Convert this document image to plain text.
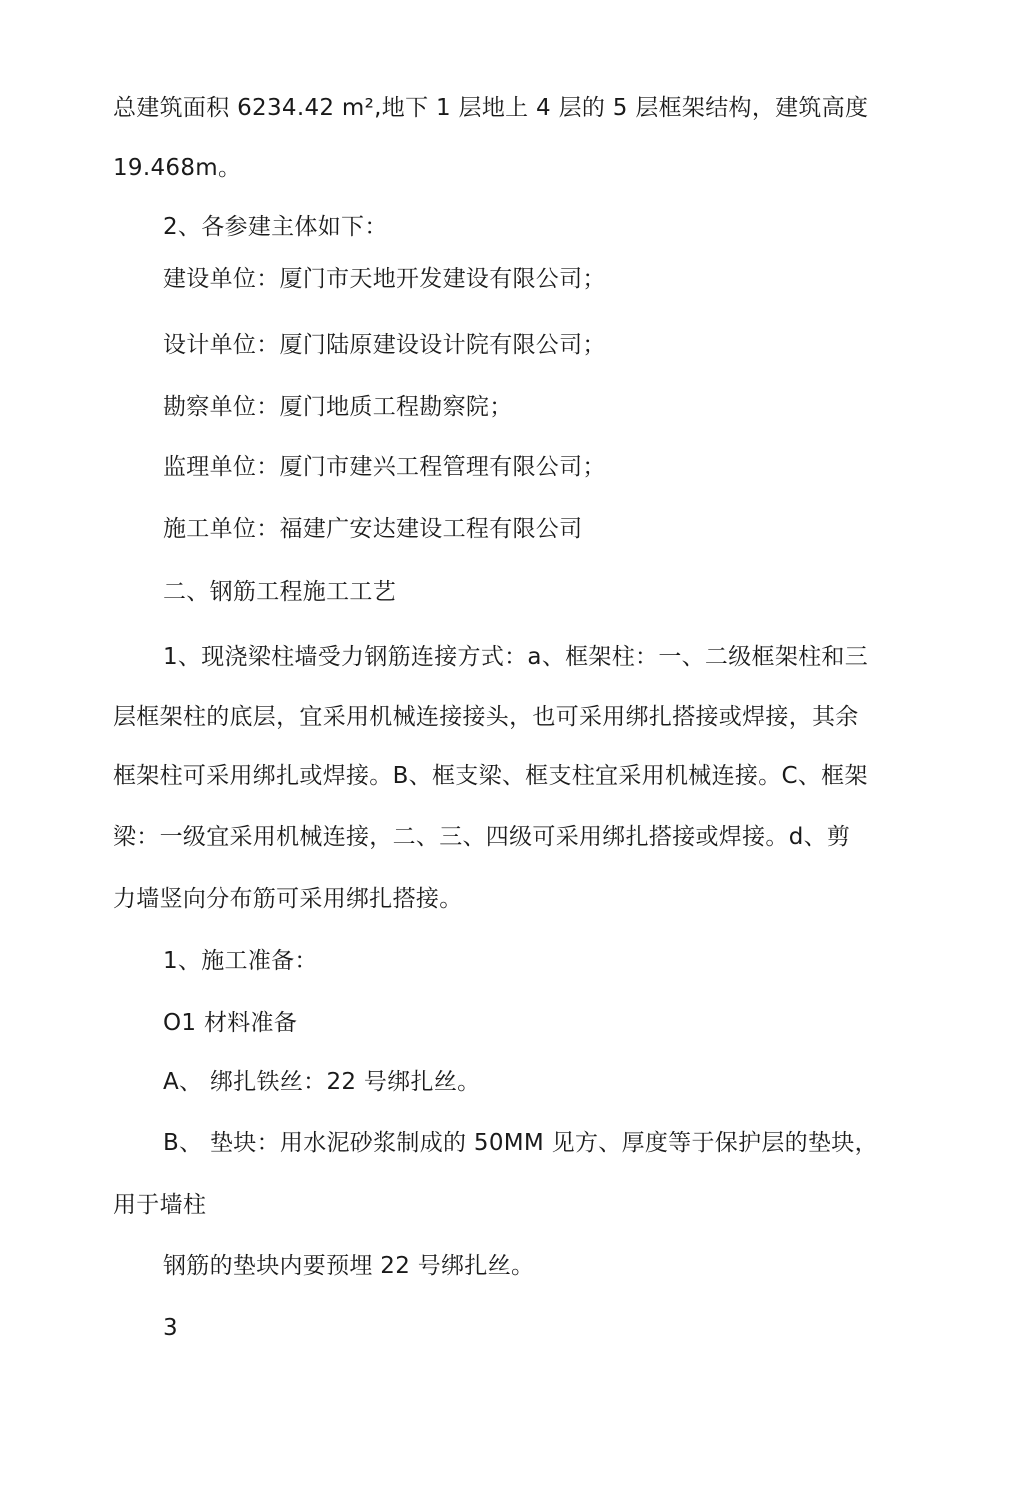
总建筑面积 6234.42 m²,地下 1 层地上 4 层的 5 层框架结构，建筑高度
19.468m。
2、各参建主体如下：
建设单位：厦门市天地开发建设有限公司；
设计单位：厦门陆原建设设计院有限公司；
勘察单位：厦门地质工程勘察院；
监理单位：厦门市建兴工程管理有限公司；
施工单位：福建广安达建设工程有限公司
二、钢筋工程施工工艺
1、现浇梁柱墙受力钢筋连接方式：a、框架柱：一、二级框架柱和三
层框架柱的底层，宜采用机械连接接头，也可采用绑扎搭接或焊接，其余
框架柱可采用绑扎或焊接。B、框支梁、框支柱宜采用机械连接。C、框架
梁：一级宜采用机械连接，二、三、四级可采用绑扎搭接或焊接。d、剪
力墙竖向分布筋可采用绑扎搭接。
1、施工准备：
O1 材料准备
A、 绑扎铁丝：22 号绑扎丝。
B、 垫块：用水泥砂浆制成的 50MM 见方、厚度等于保护层的垫块，
用于墙柱
钢筋的垫块内要预埋 22 号绑扎丝。
3
